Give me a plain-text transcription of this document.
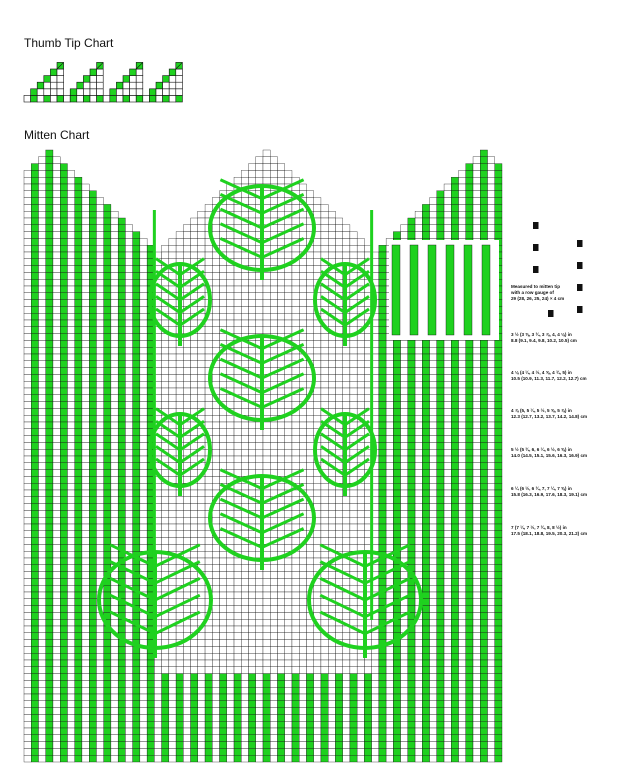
Thumb Tip Chart
Mitten Chart
Measured to mitten tip
with a row gauge of
29 (28, 26, 25, 24) × 4 cm
3 ½ (3 ⅝, 3 ¾, 3 ⅞, 4, 4 ⅛) in
8.8 (9.1, 9.4, 9.8, 10.2, 10.5) cm
4 ⅛ (4 ¼, 4 ½, 4 ⅝, 4 ¾, 5) in
10.5 (10.9, 11.3, 11.7, 12.2, 12.7) cm
4 ⅞ (5, 5 ¼, 5 ½, 5 ⅝, 5 ⅞) in
12.3 (12.7, 13.2, 13.7, 14.2, 14.8) cm
5 ½ (5 ¾, 6, 6 ¼, 6 ½, 6 ⅝) in
14.0 (14.5, 15.1, 15.6, 16.3, 16.9) cm
6 ¼ (6 ½, 6 ¾, 7, 7 ¼, 7 ⅝) in
15.8 (16.3, 16.9, 17.6, 18.3, 19.1) cm
7 (7 ¼, 7 ½, 7 ¾, 8, 8 ½) in
17.5 (18.1, 18.8, 19.5, 20.3, 21.2) cm
